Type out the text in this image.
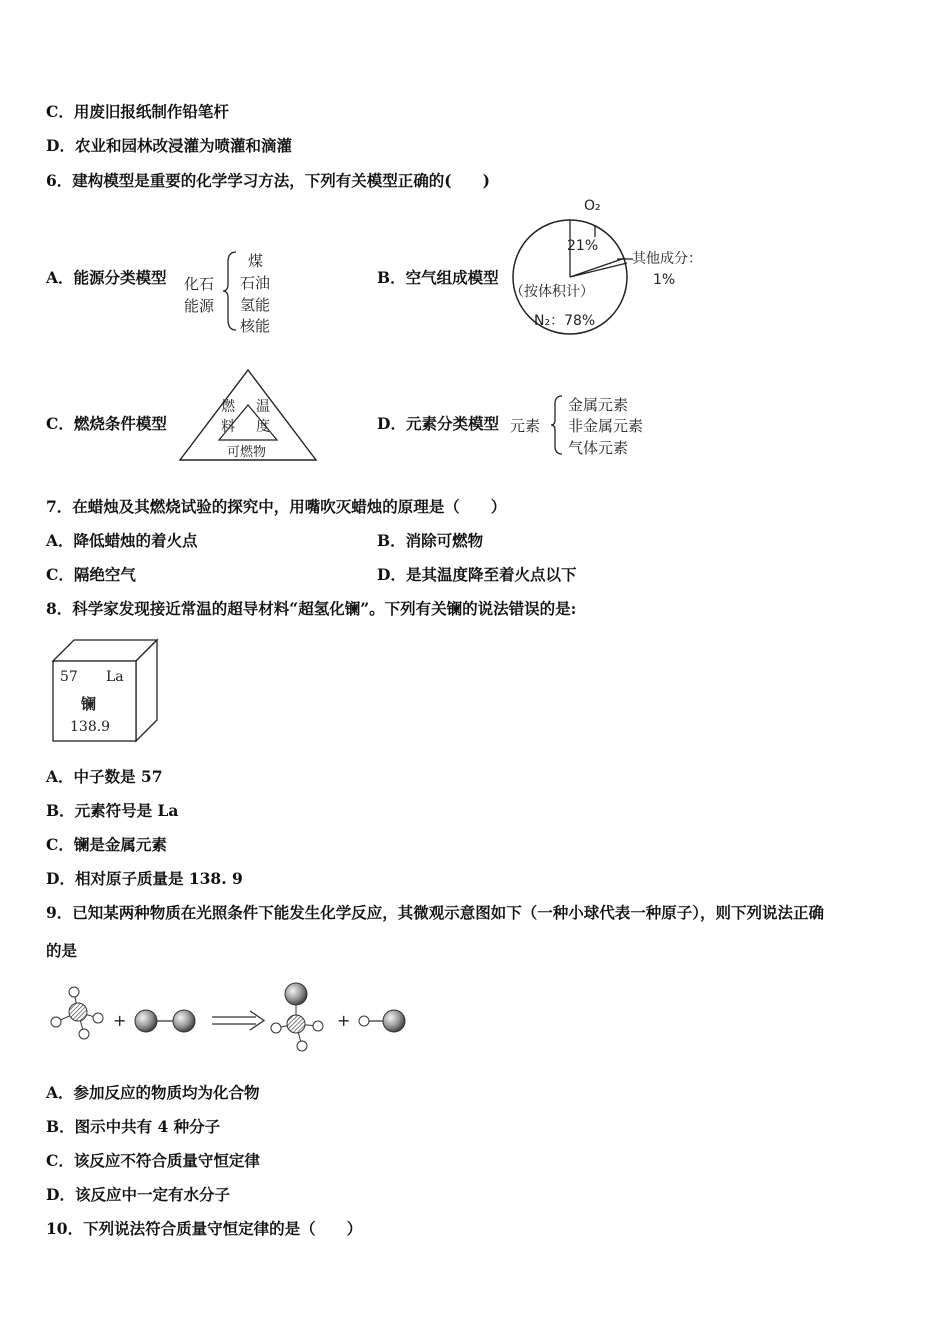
C．用废旧报纸制作铅笔杆
D．农业和园林改浸灌为喷灌和滴灌
6．建构模型是重要的化学学习方法，下列有关模型正确的(　　)
A．能源分类模型 化石
能源
煤
石油
氢能
核能
B．空气组成模型
O₂
21%
其他成分：
1%
（按体积计）
N₂：78%
C．燃烧条件模型
燃
料
温
度
可燃物
D．元素分类模型 元素
金属元素
非金属元素
气体元素
7．在蜡烛及其燃烧试验的探究中，用嘴吹灭蜡烛的原理是（　　）
A．降低蜡烛的着火点	B．消除可燃物
C．隔绝空气	D．是其温度降至着火点以下
8．科学家发现接近常温的超导材料“超氢化镧”。下列有关镧的说法错误的是:
57 La
镧
138.9
A．中子数是 57
B．元素符号是 La
C．镧是金属元素
D．相对原子质量是 138. 9
9．已知某两种物质在光照条件下能发生化学反应，其微观示意图如下（一种小球代表一种原子），则下列说法正确
的是
+	+
A．参加反应的物质均为化合物
B．图示中共有 4 种分子
C．该反应不符合质量守恒定律
D．该反应中一定有水分子
10．下列说法符合质量守恒定律的是（　　）
